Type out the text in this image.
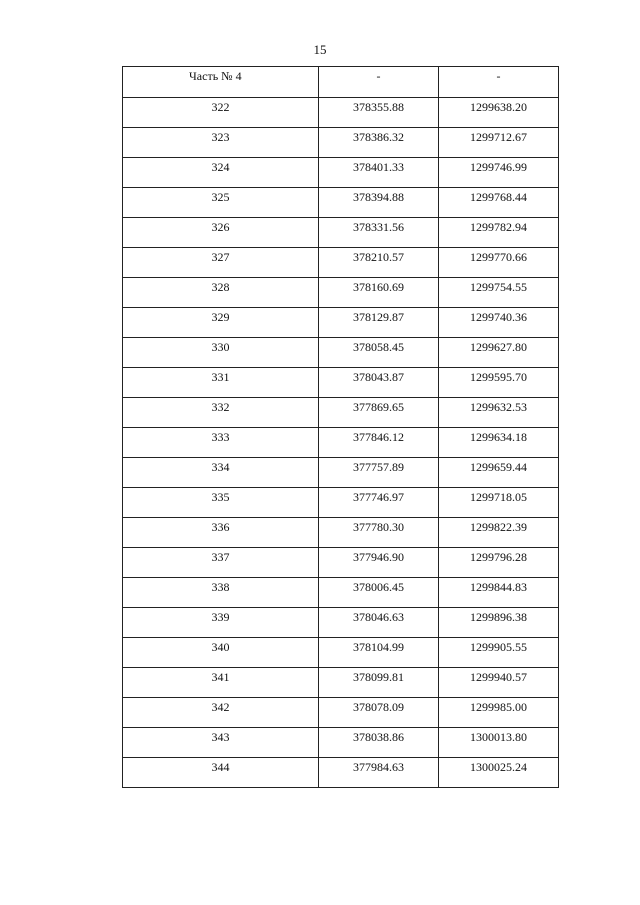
15
Часть № 4	-	-
322	378355.88	1299638.20
323	378386.32	1299712.67
324	378401.33	1299746.99
325	378394.88	1299768.44
326	378331.56	1299782.94
327	378210.57	1299770.66
328	378160.69	1299754.55
329	378129.87	1299740.36
330	378058.45	1299627.80
331	378043.87	1299595.70
332	377869.65	1299632.53
333	377846.12	1299634.18
334	377757.89	1299659.44
335	377746.97	1299718.05
336	377780.30	1299822.39
337	377946.90	1299796.28
338	378006.45	1299844.83
339	378046.63	1299896.38
340	378104.99	1299905.55
341	378099.81	1299940.57
342	378078.09	1299985.00
343	378038.86	1300013.80
344	377984.63	1300025.24
